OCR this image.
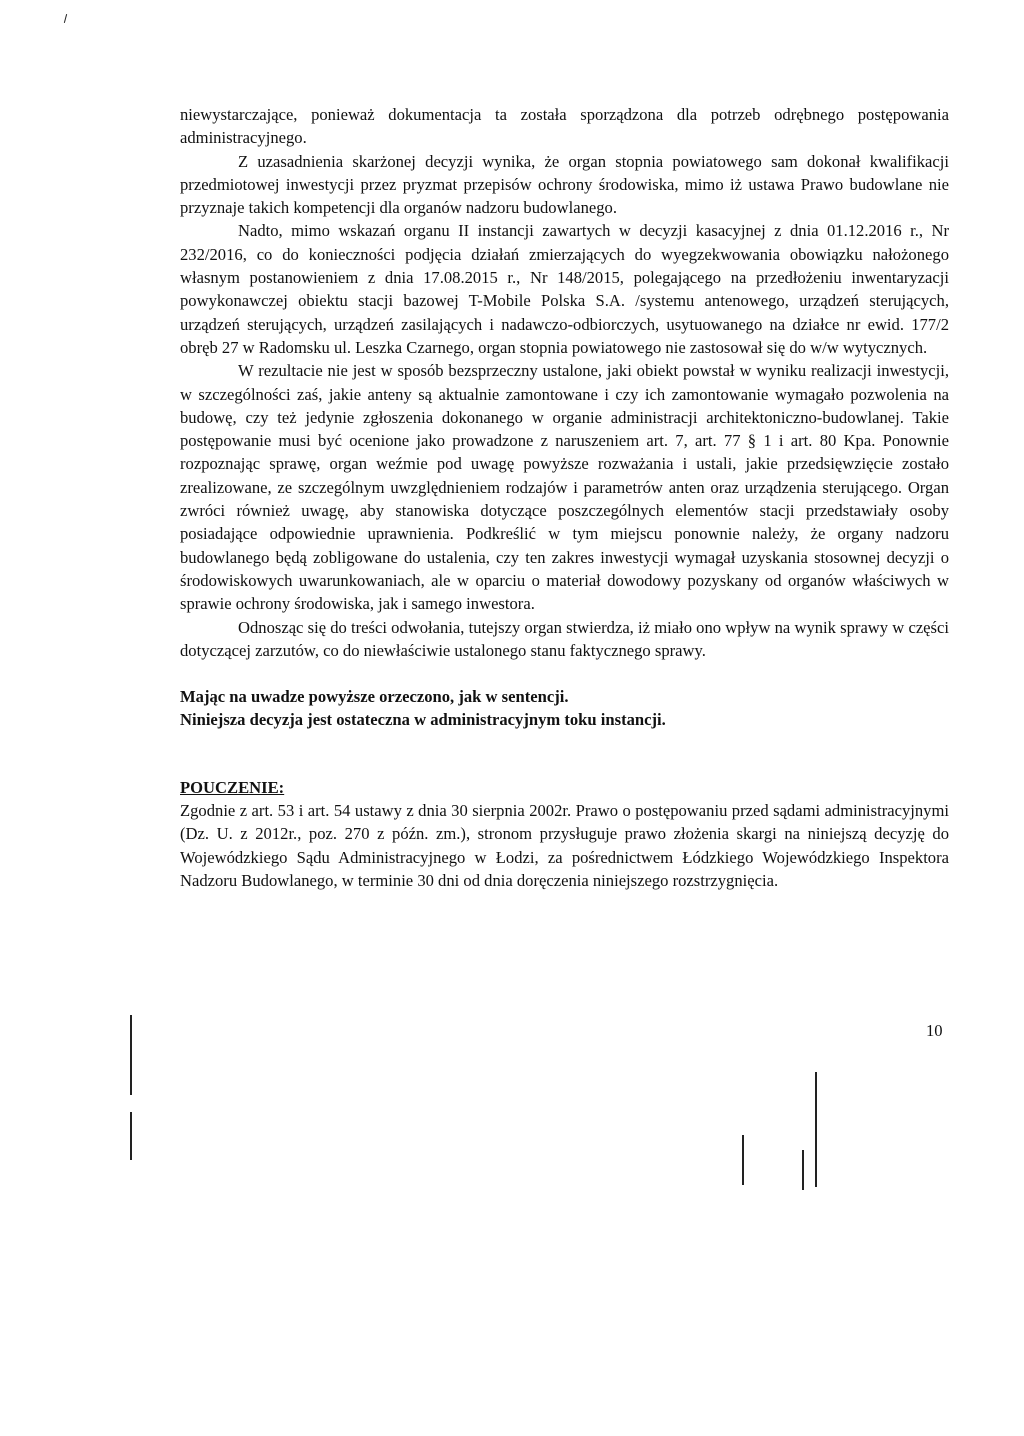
niewystarczające, ponieważ dokumentacja ta została sporządzona dla potrzeb odrębnego postępowania administracyjnego.

Z uzasadnienia skarżonej decyzji wynika, że organ stopnia powiatowego sam dokonał kwalifikacji przedmiotowej inwestycji przez pryzmat przepisów ochrony środowiska, mimo iż ustawa Prawo budowlane nie przyznaje takich kompetencji dla organów nadzoru budowlanego.

Nadto, mimo wskazań organu II instancji zawartych w decyzji kasacyjnej z dnia 01.12.2016 r., Nr 232/2016, co do konieczności podjęcia działań zmierzających do wyegzekwowania obowiązku nałożonego własnym postanowieniem z dnia 17.08.2015 r., Nr 148/2015, polegającego na przedłożeniu inwentaryzacji powykonawczej obiektu stacji bazowej T-Mobile Polska S.A. /systemu antenowego, urządzeń sterujących, urządzeń sterujących, urządzeń zasilających i nadawczo-odbiorczych, usytuowanego na działce nr ewid. 177/2 obręb 27 w Radomsku ul. Leszka Czarnego, organ stopnia powiatowego nie zastosował się do w/w wytycznych.

W rezultacie nie jest w sposób bezsprzeczny ustalone, jaki obiekt powstał w wyniku realizacji inwestycji, w szczególności zaś, jakie anteny są aktualnie zamontowane i czy ich zamontowanie wymagało pozwolenia na budowę, czy też jedynie zgłoszenia dokonanego w organie administracji architektoniczno-budowlanej. Takie postępowanie musi być ocenione jako prowadzone z naruszeniem art. 7, art. 77 § 1 i art. 80 Kpa. Ponownie rozpoznając sprawę, organ weźmie pod uwagę powyższe rozważania i ustali, jakie przedsięwzięcie zostało zrealizowane, ze szczególnym uwzględnieniem rodzajów i parametrów anten oraz urządzenia sterującego. Organ zwróci również uwagę, aby stanowiska dotyczące poszczególnych elementów stacji przedstawiały osoby posiadające odpowiednie uprawnienia. Podkreślić w tym miejscu ponownie należy, że organy nadzoru budowlanego będą zobligowane do ustalenia, czy ten zakres inwestycji wymagał uzyskania stosownej decyzji o środowiskowych uwarunkowaniach, ale w oparciu o materiał dowodowy pozyskany od organów właściwych w sprawie ochrony środowiska, jak i samego inwestora.

Odnosząc się do treści odwołania, tutejszy organ stwierdza, iż miało ono wpływ na wynik sprawy w części dotyczącej zarzutów, co do niewłaściwie ustalonego stanu faktycznego sprawy.

Mając na uwadze powyższe orzeczono, jak w sentencji.

Niniejsza decyzja jest ostateczna w administracyjnym toku instancji.

POUCZENIE:

Zgodnie z art. 53 i art. 54 ustawy z dnia 30 sierpnia 2002r. Prawo o postępowaniu przed sądami administracyjnymi (Dz. U. z 2012r., poz. 270 z późn. zm.), stronom przysługuje prawo złożenia skargi na niniejszą decyzję do Wojewódzkiego Sądu Administracyjnego w Łodzi, za pośrednictwem Łódzkiego Wojewódzkiego Inspektora Nadzoru Budowlanego, w terminie 30 dni od dnia doręczenia niniejszego rozstrzygnięcia.

10
